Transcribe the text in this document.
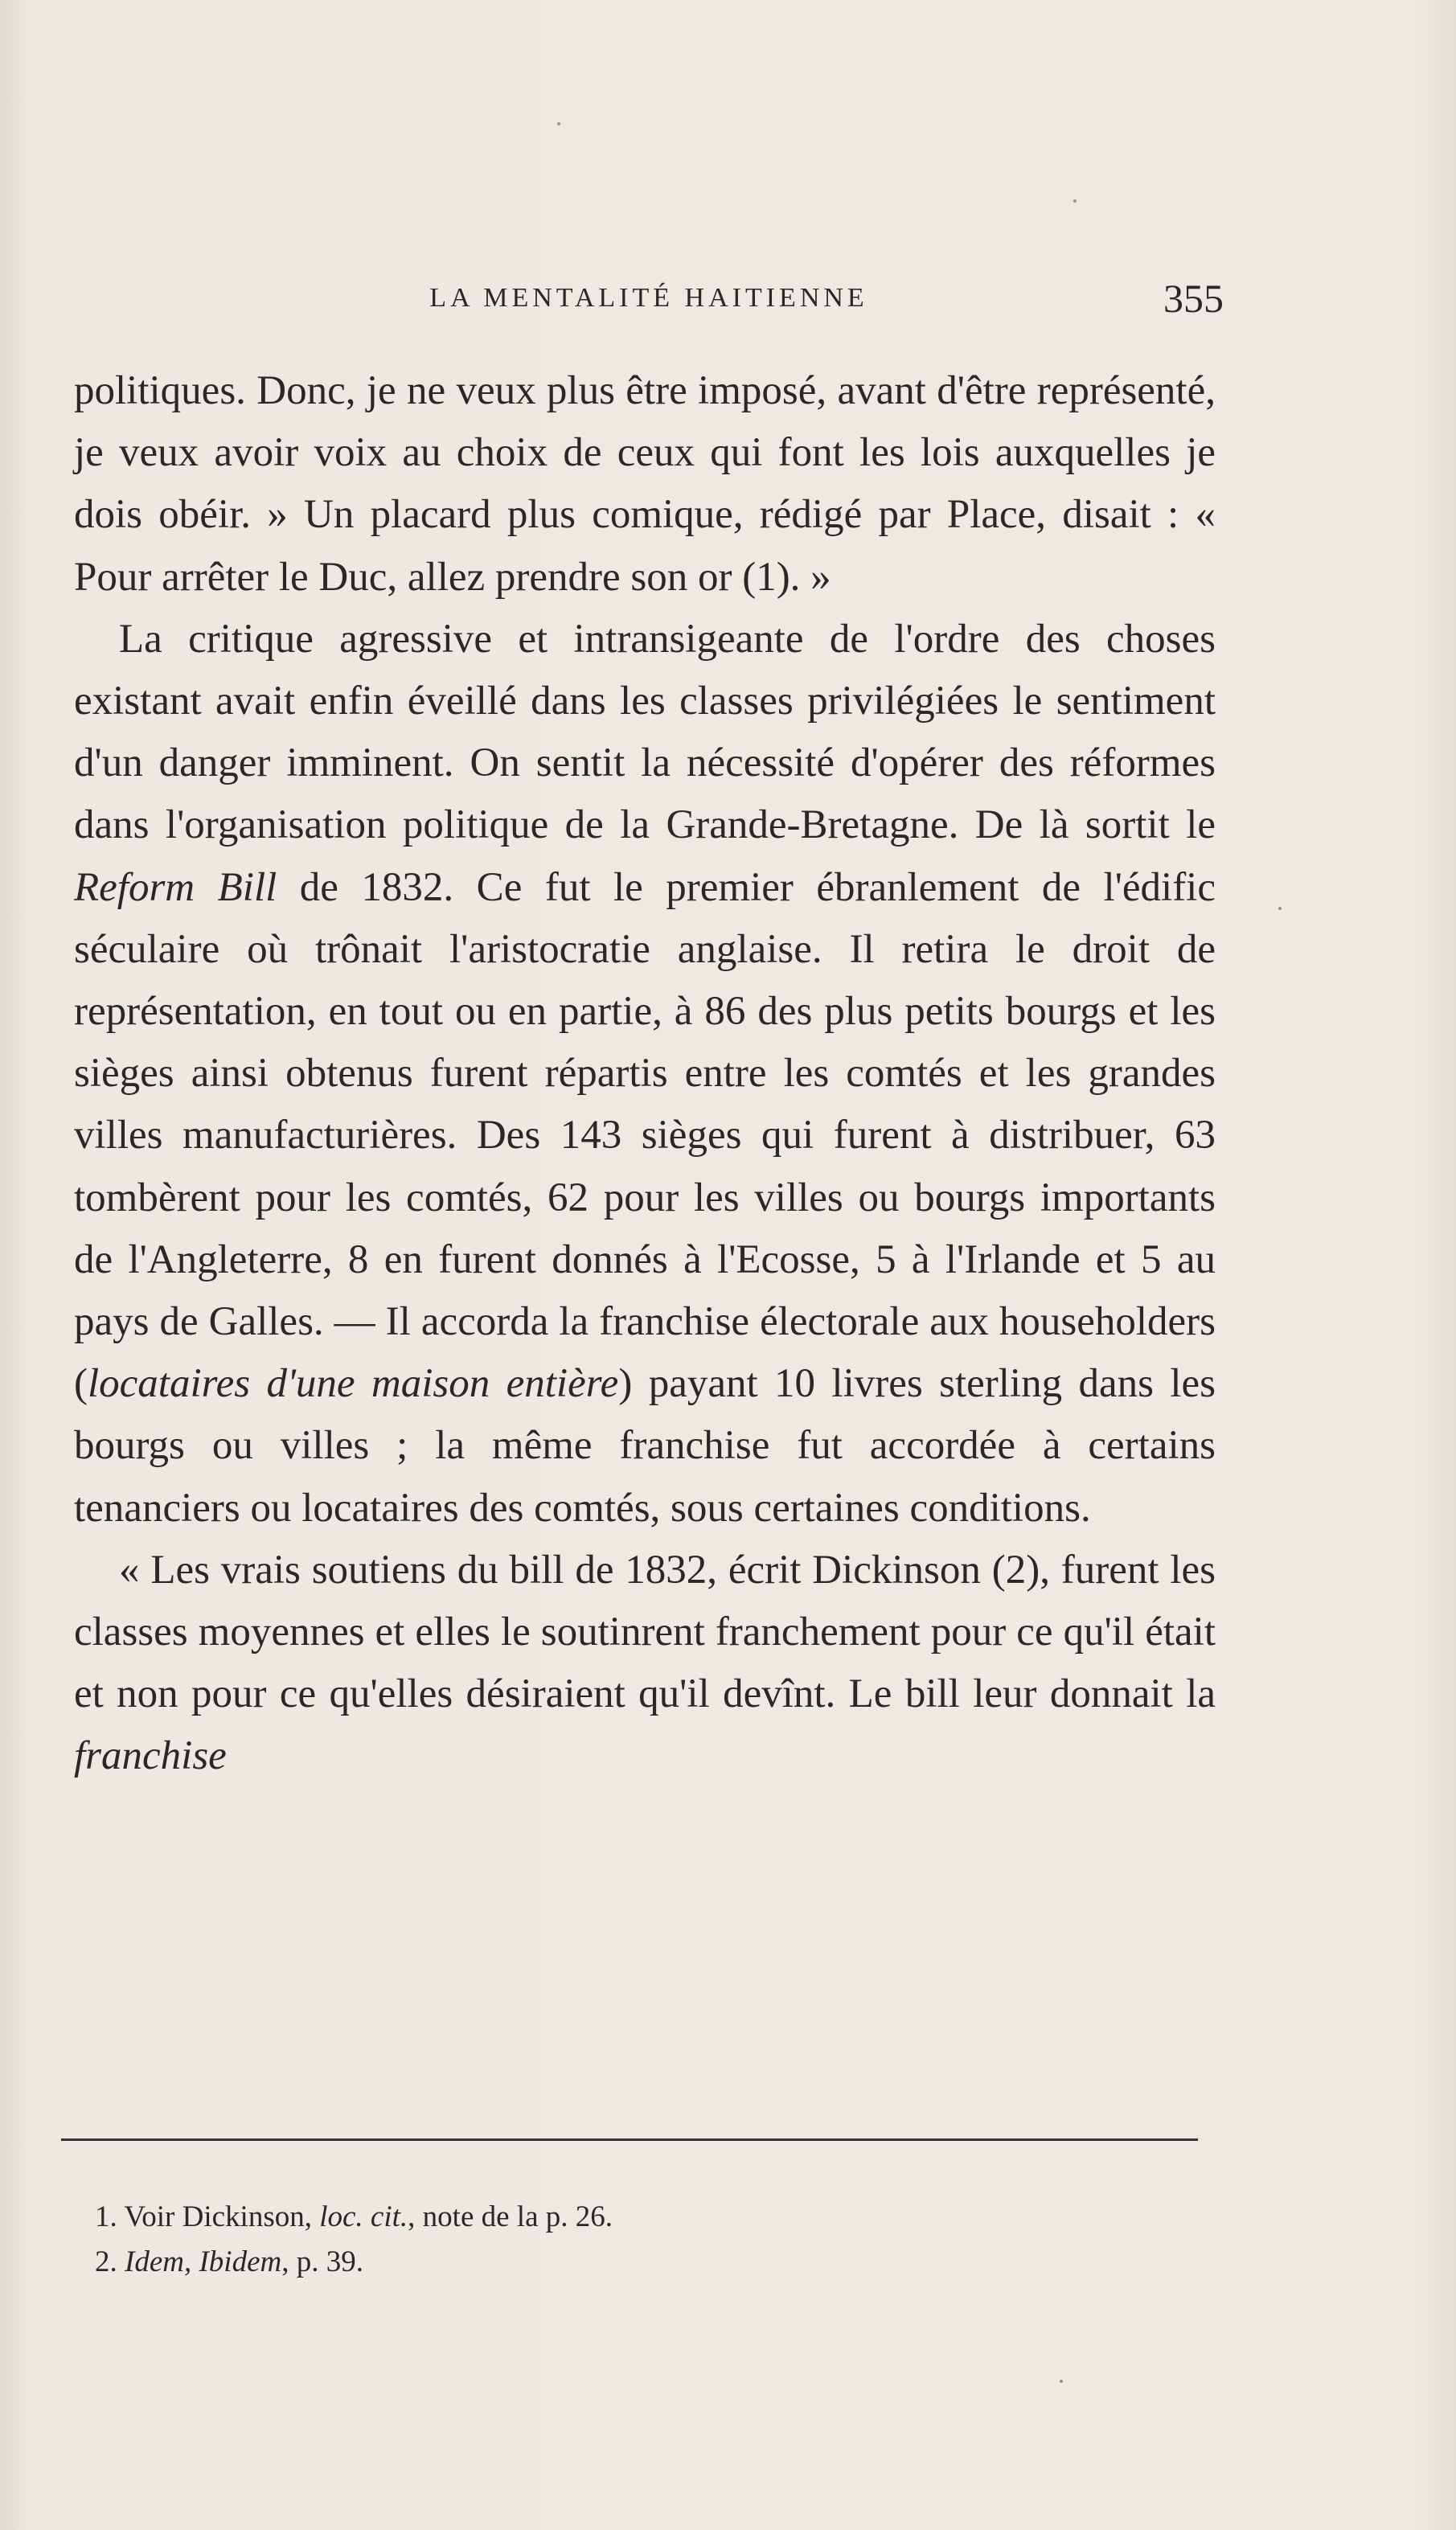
LA MENTALITÉ HAITIENNE	355

politiques. Donc, je ne veux plus être imposé, avant d'être représenté, je veux avoir voix au choix de ceux qui font les lois auxquelles je dois obéir. » Un placard plus comique, rédigé par Place, disait : « Pour arrêter le Duc, allez prendre son or (1). »

La critique agressive et intransigeante de l'ordre des choses existant avait enfin éveillé dans les classes privilégiées le sentiment d'un danger imminent. On sentit la nécessité d'opérer des réformes dans l'organisation politique de la Grande-Bretagne. De là sortit le Reform Bill de 1832. Ce fut le premier ébranlement de l'édific séculaire où trônait l'aristocratie anglaise. Il retira le droit de représentation, en tout ou en partie, à 86 des plus petits bourgs et les sièges ainsi obtenus furent répartis entre les comtés et les grandes villes manufacturières. Des 143 sièges qui furent à distribuer, 63 tombèrent pour les comtés, 62 pour les villes ou bourgs importants de l'Angleterre, 8 en furent donnés à l'Ecosse, 5 à l'Irlande et 5 au pays de Galles. — Il accorda la franchise électorale aux householders (locataires d'une maison entière) payant 10 livres sterling dans les bourgs ou villes ; la même franchise fut accordée à certains tenanciers ou locataires des comtés, sous certaines conditions.

« Les vrais soutiens du bill de 1832, écrit Dickinson (2), furent les classes moyennes et elles le soutinrent franchement pour ce qu'il était et non pour ce qu'elles désiraient qu'il devînt. Le bill leur donnait la franchise

1. Voir Dickinson, loc. cit., note de la p. 26.
2. Idem, Ibidem, p. 39.
